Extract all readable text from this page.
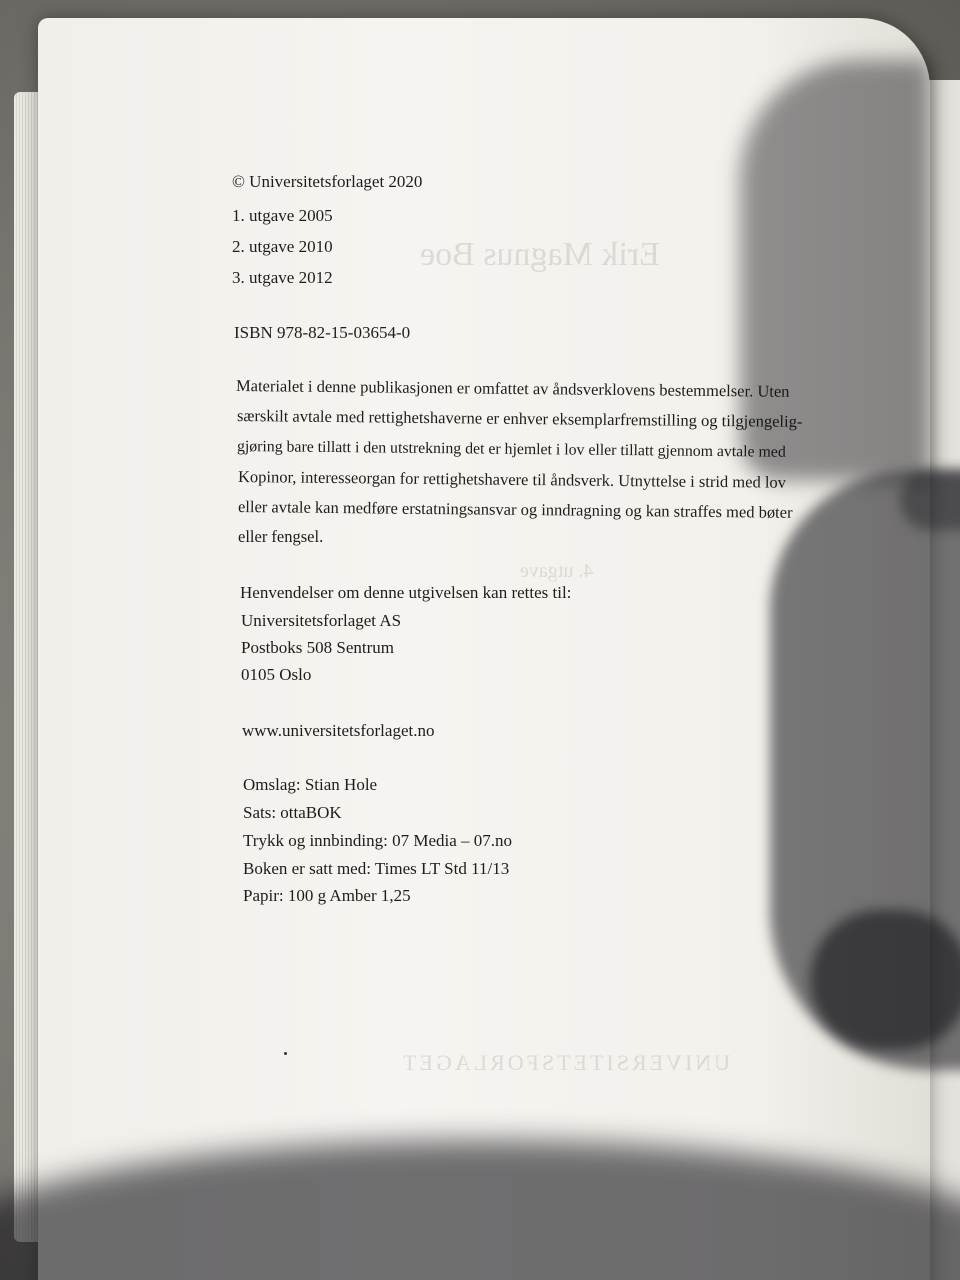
Erik Magnus Boe
4. utgave
UNIVERSITETSFORLAGET

© Universitetsforlaget 2020

1. utgave 2005

2. utgave 2010

3. utgave 2012

ISBN 978-82-15-03654-0

Materialet i denne publikasjonen er omfattet av åndsverklovens bestemmelser. Uten

særskilt avtale med rettighetshaverne er enhver eksemplarfremstilling og tilgjengelig-

gjøring bare tillatt i den utstrekning det er hjemlet i lov eller tillatt gjennom avtale med

Kopinor, interesseorgan for rettighetshavere til åndsverk. Utnyttelse i strid med lov

eller avtale kan medføre erstatningsansvar og inndragning og kan straffes med bøter

eller fengsel.

Henvendelser om denne utgivelsen kan rettes til:

Universitetsforlaget AS

Postboks 508 Sentrum

0105 Oslo

www.universitetsforlaget.no

Omslag: Stian Hole

Sats: ottaBOK

Trykk og innbinding: 07 Media – 07.no

Boken er satt med: Times LT Std 11/13

Papir: 100 g Amber 1,25
